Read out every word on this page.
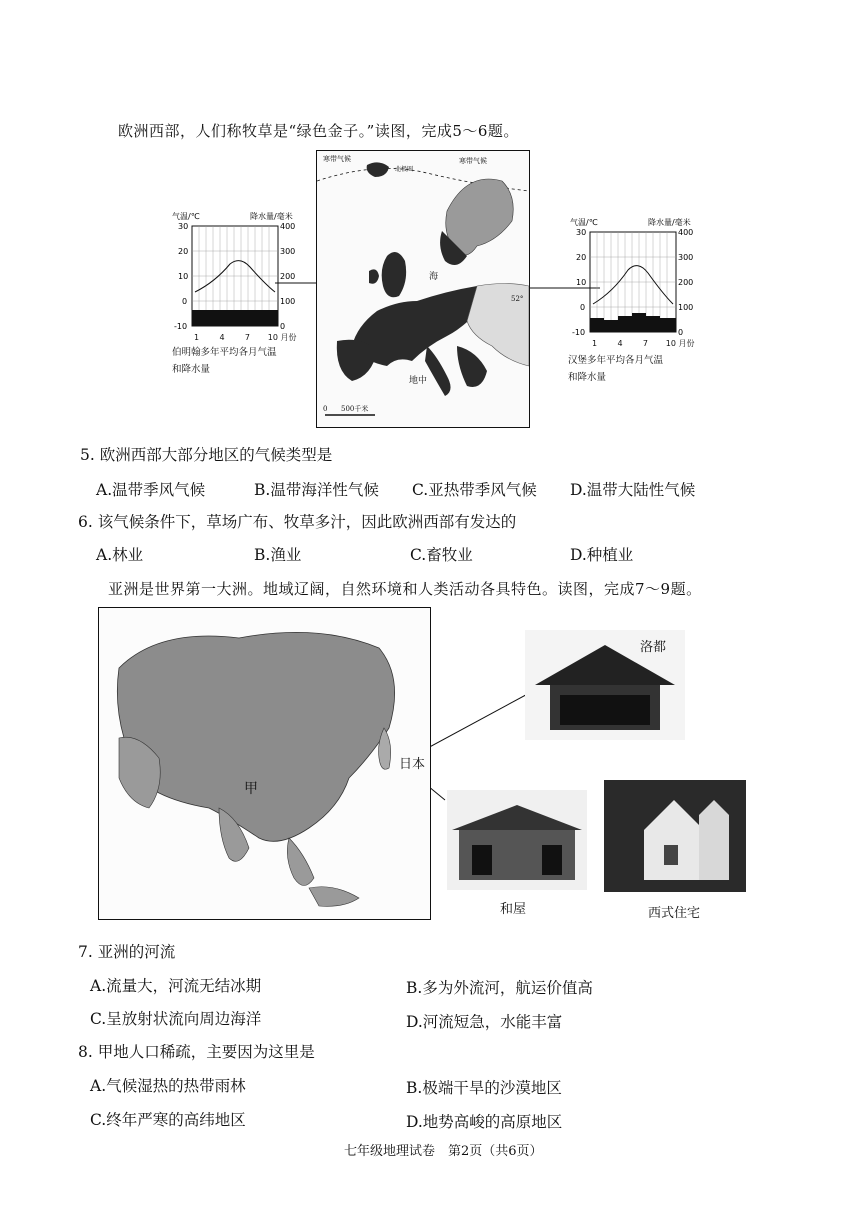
欧洲西部，人们称牧草是“绿色金子。”读图，完成5～6题。
气温/℃	降水量/毫米
30
20
10
0
-10
400
300
200
100
0
1	4	7 10 月份
伯明翰多年平均各月气温
和降水量
寒带气候
北极圈
寒带气候
海
地中
52°
0 500千米
气温/℃	降水量/毫米
30
20
10
0
-10
400
300
200
100
0
1	4	7 10 月份
汉堡多年平均各月气温
和降水量
5. 欧洲西部大部分地区的气候类型是
A.温带季风气候	B.温带海洋性气候 C.亚热带季风气候 D.温带大陆性气候
6. 该气候条件下，草场广布、牧草多汁，因此欧洲西部有发达的
A.林业	B.渔业	C.畜牧业	D.种植业
亚洲是世界第一大洲。地域辽阔，自然环境和人类活动各具特色。读图，完成7～9题。
日本
甲
洛都
和屋	西式住宅
7. 亚洲的河流
A.流量大，河流无结冰期	B.多为外流河，航运价值高
C.呈放射状流向周边海洋	D.河流短急，水能丰富
8. 甲地人口稀疏，主要因为这里是
A.气候湿热的热带雨林	B.极端干旱的沙漠地区
C.终年严寒的高纬地区	D.地势高峻的高原地区
七年级地理试卷　第2页（共6页）
